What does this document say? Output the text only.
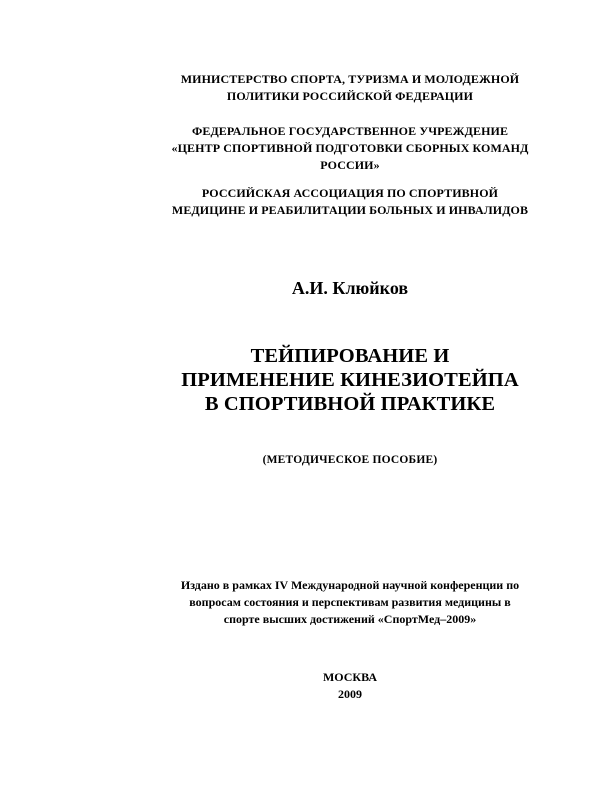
МИНИСТЕРСТВО СПОРТА, ТУРИЗМА И МОЛОДЕЖНОЙ
ПОЛИТИКИ РОССИЙСКОЙ ФЕДЕРАЦИИ
ФЕДЕРАЛЬНОЕ ГОСУДАРСТВЕННОЕ УЧРЕЖДЕНИЕ
«ЦЕНТР СПОРТИВНОЙ ПОДГОТОВКИ СБОРНЫХ КОМАНД
РОССИИ»
РОССИЙСКАЯ АССОЦИАЦИЯ ПО СПОРТИВНОЙ
МЕДИЦИНЕ И РЕАБИЛИТАЦИИ БОЛЬНЫХ И ИНВАЛИДОВ
А.И. Клюйков
ТЕЙПИРОВАНИЕ И
ПРИМЕНЕНИЕ КИНЕЗИОТЕЙПА
В СПОРТИВНОЙ ПРАКТИКЕ
(МЕТОДИЧЕСКОЕ ПОСОБИЕ)
Издано в рамках IV Международной научной конференции по
вопросам состояния и перспективам развития медицины в
спорте высших достижений «СпортМед–2009»
МОСКВА
2009
